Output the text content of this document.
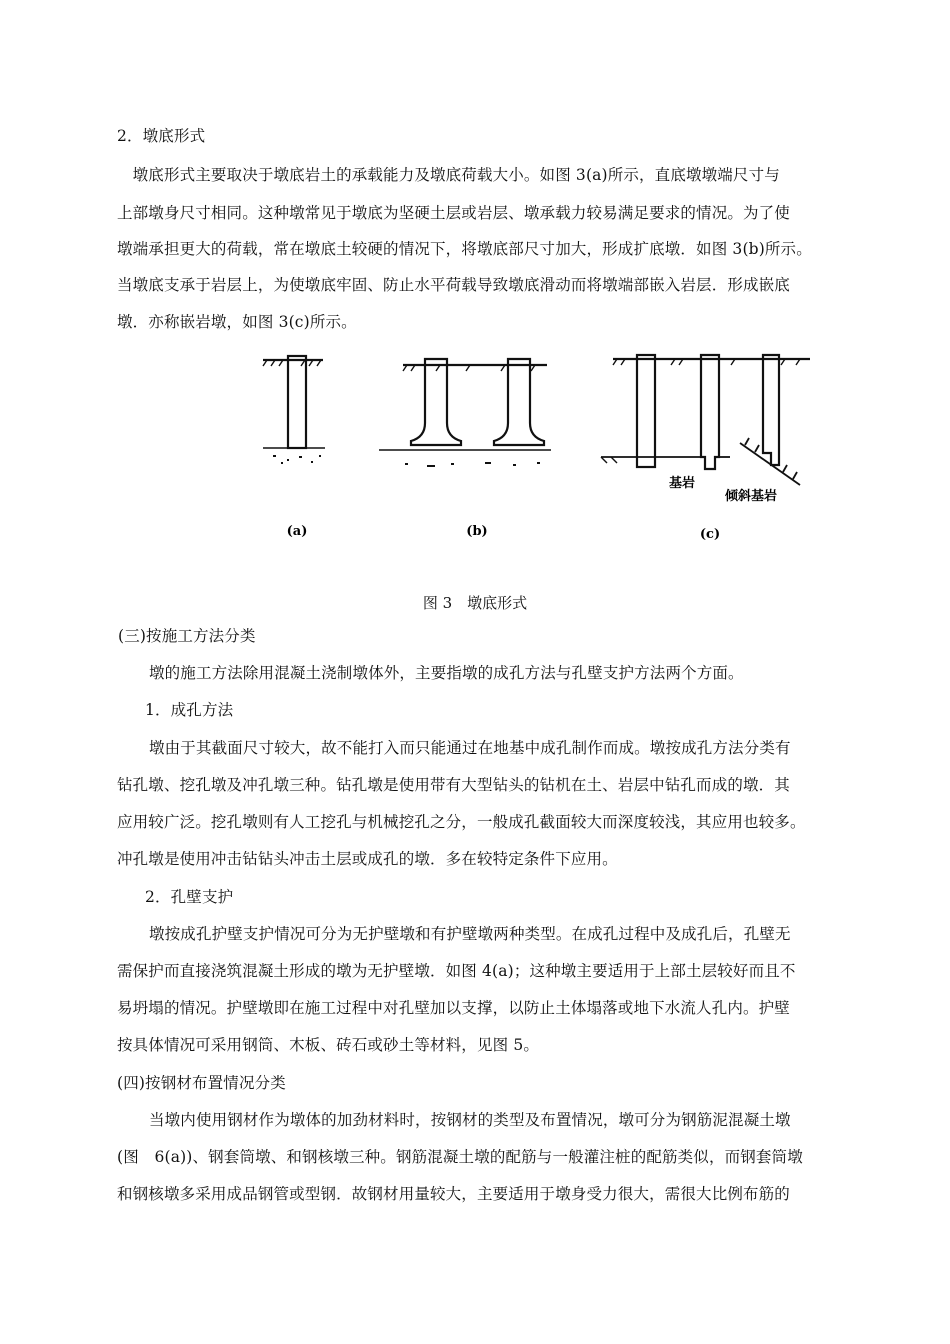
2．墩底形式
　墩底形式主要取决于墩底岩土的承载能力及墩底荷载大小。如图 3(a)所示，直底墩墩端尺寸与
上部墩身尺寸相同。这种墩常见于墩底为坚硬土层或岩层、墩承载力较易满足要求的情况。为了使
墩端承担更大的荷载，常在墩底土较硬的情况下，将墩底部尺寸加大，形成扩底墩．如图 3(b)所示。
当墩底支承于岩层上，为使墩底牢固、防止水平荷载导致墩底滑动而将墩端部嵌入岩层．形成嵌底
墩．亦称嵌岩墩，如图 3(c)所示。
(a)	(b)	(c)
基岩
倾斜基岩
图 3　墩底形式
(三)按施工方法分类
墩的施工方法除用混凝土浇制墩体外，主要指墩的成孔方法与孔壁支护方法两个方面。
1．成孔方法
墩由于其截面尺寸较大，故不能打入而只能通过在地基中成孔制作而成。墩按成孔方法分类有
钻孔墩、挖孔墩及冲孔墩三种。钻孔墩是使用带有大型钻头的钻机在土、岩层中钻孔而成的墩．其
应用较广泛。挖孔墩则有人工挖孔与机械挖孔之分，一般成孔截面较大而深度较浅，其应用也较多。
冲孔墩是使用冲击钻钻头冲击土层或成孔的墩．多在较特定条件下应用。
2．孔壁支护
墩按成孔护壁支护情况可分为无护壁墩和有护壁墩两种类型。在成孔过程中及成孔后，孔壁无
需保护而直接浇筑混凝土形成的墩为无护壁墩．如图 4(a)；这种墩主要适用于上部土层较好而且不
易坍塌的情况。护壁墩即在施工过程中对孔壁加以支撑，以防止土体塌落或地下水流人孔内。护壁
按具体情况可采用钢筒、木板、砖石或砂土等材料，见图 5。
(四)按钢材布置情况分类
当墩内使用钢材作为墩体的加劲材料时，按钢材的类型及布置情况，墩可分为钢筋泥混凝土墩
(图　6(a))、钢套筒墩、和钢核墩三种。钢筋混凝土墩的配筋与一般灌注桩的配筋类似，而钢套筒墩
和钢核墩多采用成品钢管或型钢．故钢材用量较大，主要适用于墩身受力很大，需很大比例布筋的
